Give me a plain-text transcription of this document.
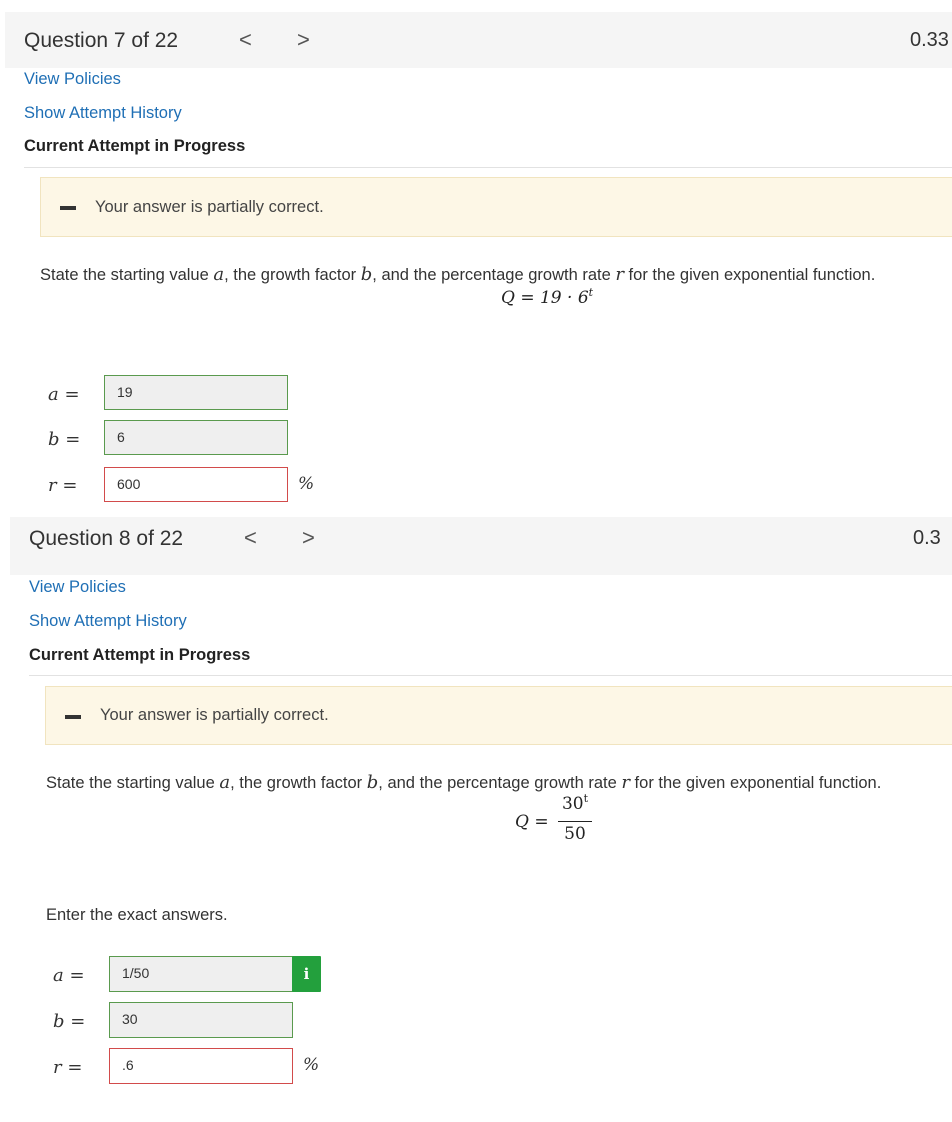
Question 7 of 22	< >	0.33
View Policies
Show Attempt History
Current Attempt in Progress
Your answer is partially correct.
State the starting value a, the growth factor b, and the percentage growth rate r for the given exponential function.
$Q = 19 \cdot 6^t$
a =	19
b =	6
r =	600	%
Question 8 of 22	< >	0.3
View Policies
Show Attempt History
Current Attempt in Progress
Your answer is partially correct.
State the starting value a, the growth factor b, and the percentage growth rate r for the given exponential function.
Q =
$30^t$
50
Enter the exact answers.
a =	1/50	i
b =	30
r =	.6	%
